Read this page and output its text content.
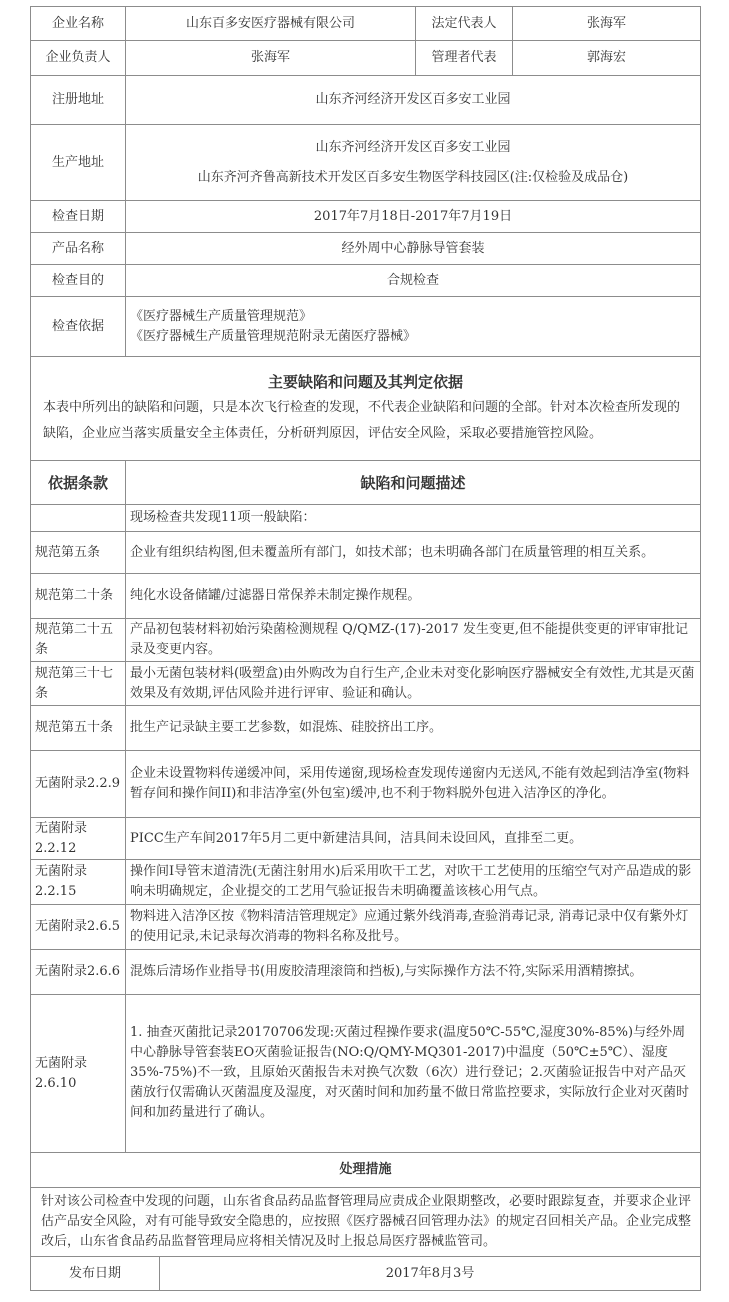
企业名称	山东百多安医疗器械有限公司	法定代表人	张海军
企业负责人	张海军	管理者代表	郭海宏
注册地址	山东齐河经济开发区百多安工业园		
生产地址	山东齐河经济开发区百多安工业园
山东齐河齐鲁高新技术开发区百多安生物医学科技园区(注:仅检验及成品仓)		

检查日期	2017年7月18日-2017年7月19日		
产品名称	经外周中心静脉导管套装		
检查目的	合规检查		
检查依据	《医疗器械生产质量管理规范》
《医疗器械生产质量管理规范附录无菌医疗器械》		

主要缺陷和问题及其判定依据
本表中所列出的缺陷和问题，只是本次飞行检查的发现，不代表企业缺陷和问题的全部。针对本次检查所发现的缺陷，企业应当落实质量安全主体责任，分析研判原因，评估安全风险，采取必要措施管控风险。			
依据条款	缺陷和问题描述
	现场检查共发现11项一般缺陷：
规范第五条	企业有组织结构图,但未覆盖所有部门，如技术部；也未明确各部门在质量管理的相互关系。
规范第二十条	纯化水设备储罐/过滤器日常保养未制定操作规程。
规范第二十五条	产品初包装材料初始污染菌检测规程 Q/QMZ-(17)-2017 发生变更,但不能提供变更的评审审批记录及变更内容。
规范第三十七条	最小无菌包装材料(吸塑盒)由外购改为自行生产,企业未对变化影响医疗器械安全有效性,尤其是灭菌效果及有效期,评估风险并进行评审、验证和确认。
规范第五十条	批生产记录缺主要工艺参数，如混炼、硅胶挤出工序。
无菌附录2.2.9	企业未设置物料传递缓冲间，采用传递窗,现场检查发现传递窗内无送风,不能有效起到洁净室(物料暂存间和操作间II)和非洁净室(外包室)缓冲,也不利于物料脱外包进入洁净区的净化。
无菌附录2.2.12	PICC生产车间2017年5月二更中新建洁具间，洁具间未设回风，直排至二更。
无菌附录2.2.15	操作间I导管末道清洗(无菌注射用水)后采用吹干工艺，对吹干工艺使用的压缩空气对产品造成的影响未明确规定，企业提交的工艺用气验证报告未明确覆盖该核心用气点。
无菌附录2.6.5	物料进入洁净区按《物料清洁管理规定》应通过紫外线消毒,查验消毒记录, 消毒记录中仅有紫外灯的使用记录,未记录每次消毒的物料名称及批号。
无菌附录2.6.6	混炼后清场作业指导书(用废胶清理滚筒和挡板),与实际操作方法不符,实际采用酒精擦拭。
无菌附录2.6.10	1. 抽查灭菌批记录20170706发现:灭菌过程操作要求(温度50℃-55℃,湿度30%-85%)与经外周中心静脉导管套装EO灭菌验证报告(NO:Q/QMY-MQ301-2017)中温度（50℃±5℃）、湿度35%-75%)不一致，且原始灭菌报告未对换气次数（6次）进行登记；2.灭菌验证报告中对产品灭菌放行仅需确认灭菌温度及湿度，对灭菌时间和加药量不做日常监控要求，实际放行企业对灭菌时间和加药量进行了确认。
处理措施
针对该公司检查中发现的问题，山东省食品药品监督管理局应责成企业限期整改，必要时跟踪复查，并要求企业评估产品安全风险，对有可能导致安全隐患的，应按照《医疗器械召回管理办法》的规定召回相关产品。企业完成整改后，山东省食品药品监督管理局应将相关情况及时上报总局医疗器械监管司。
发布日期	2017年8月3号
